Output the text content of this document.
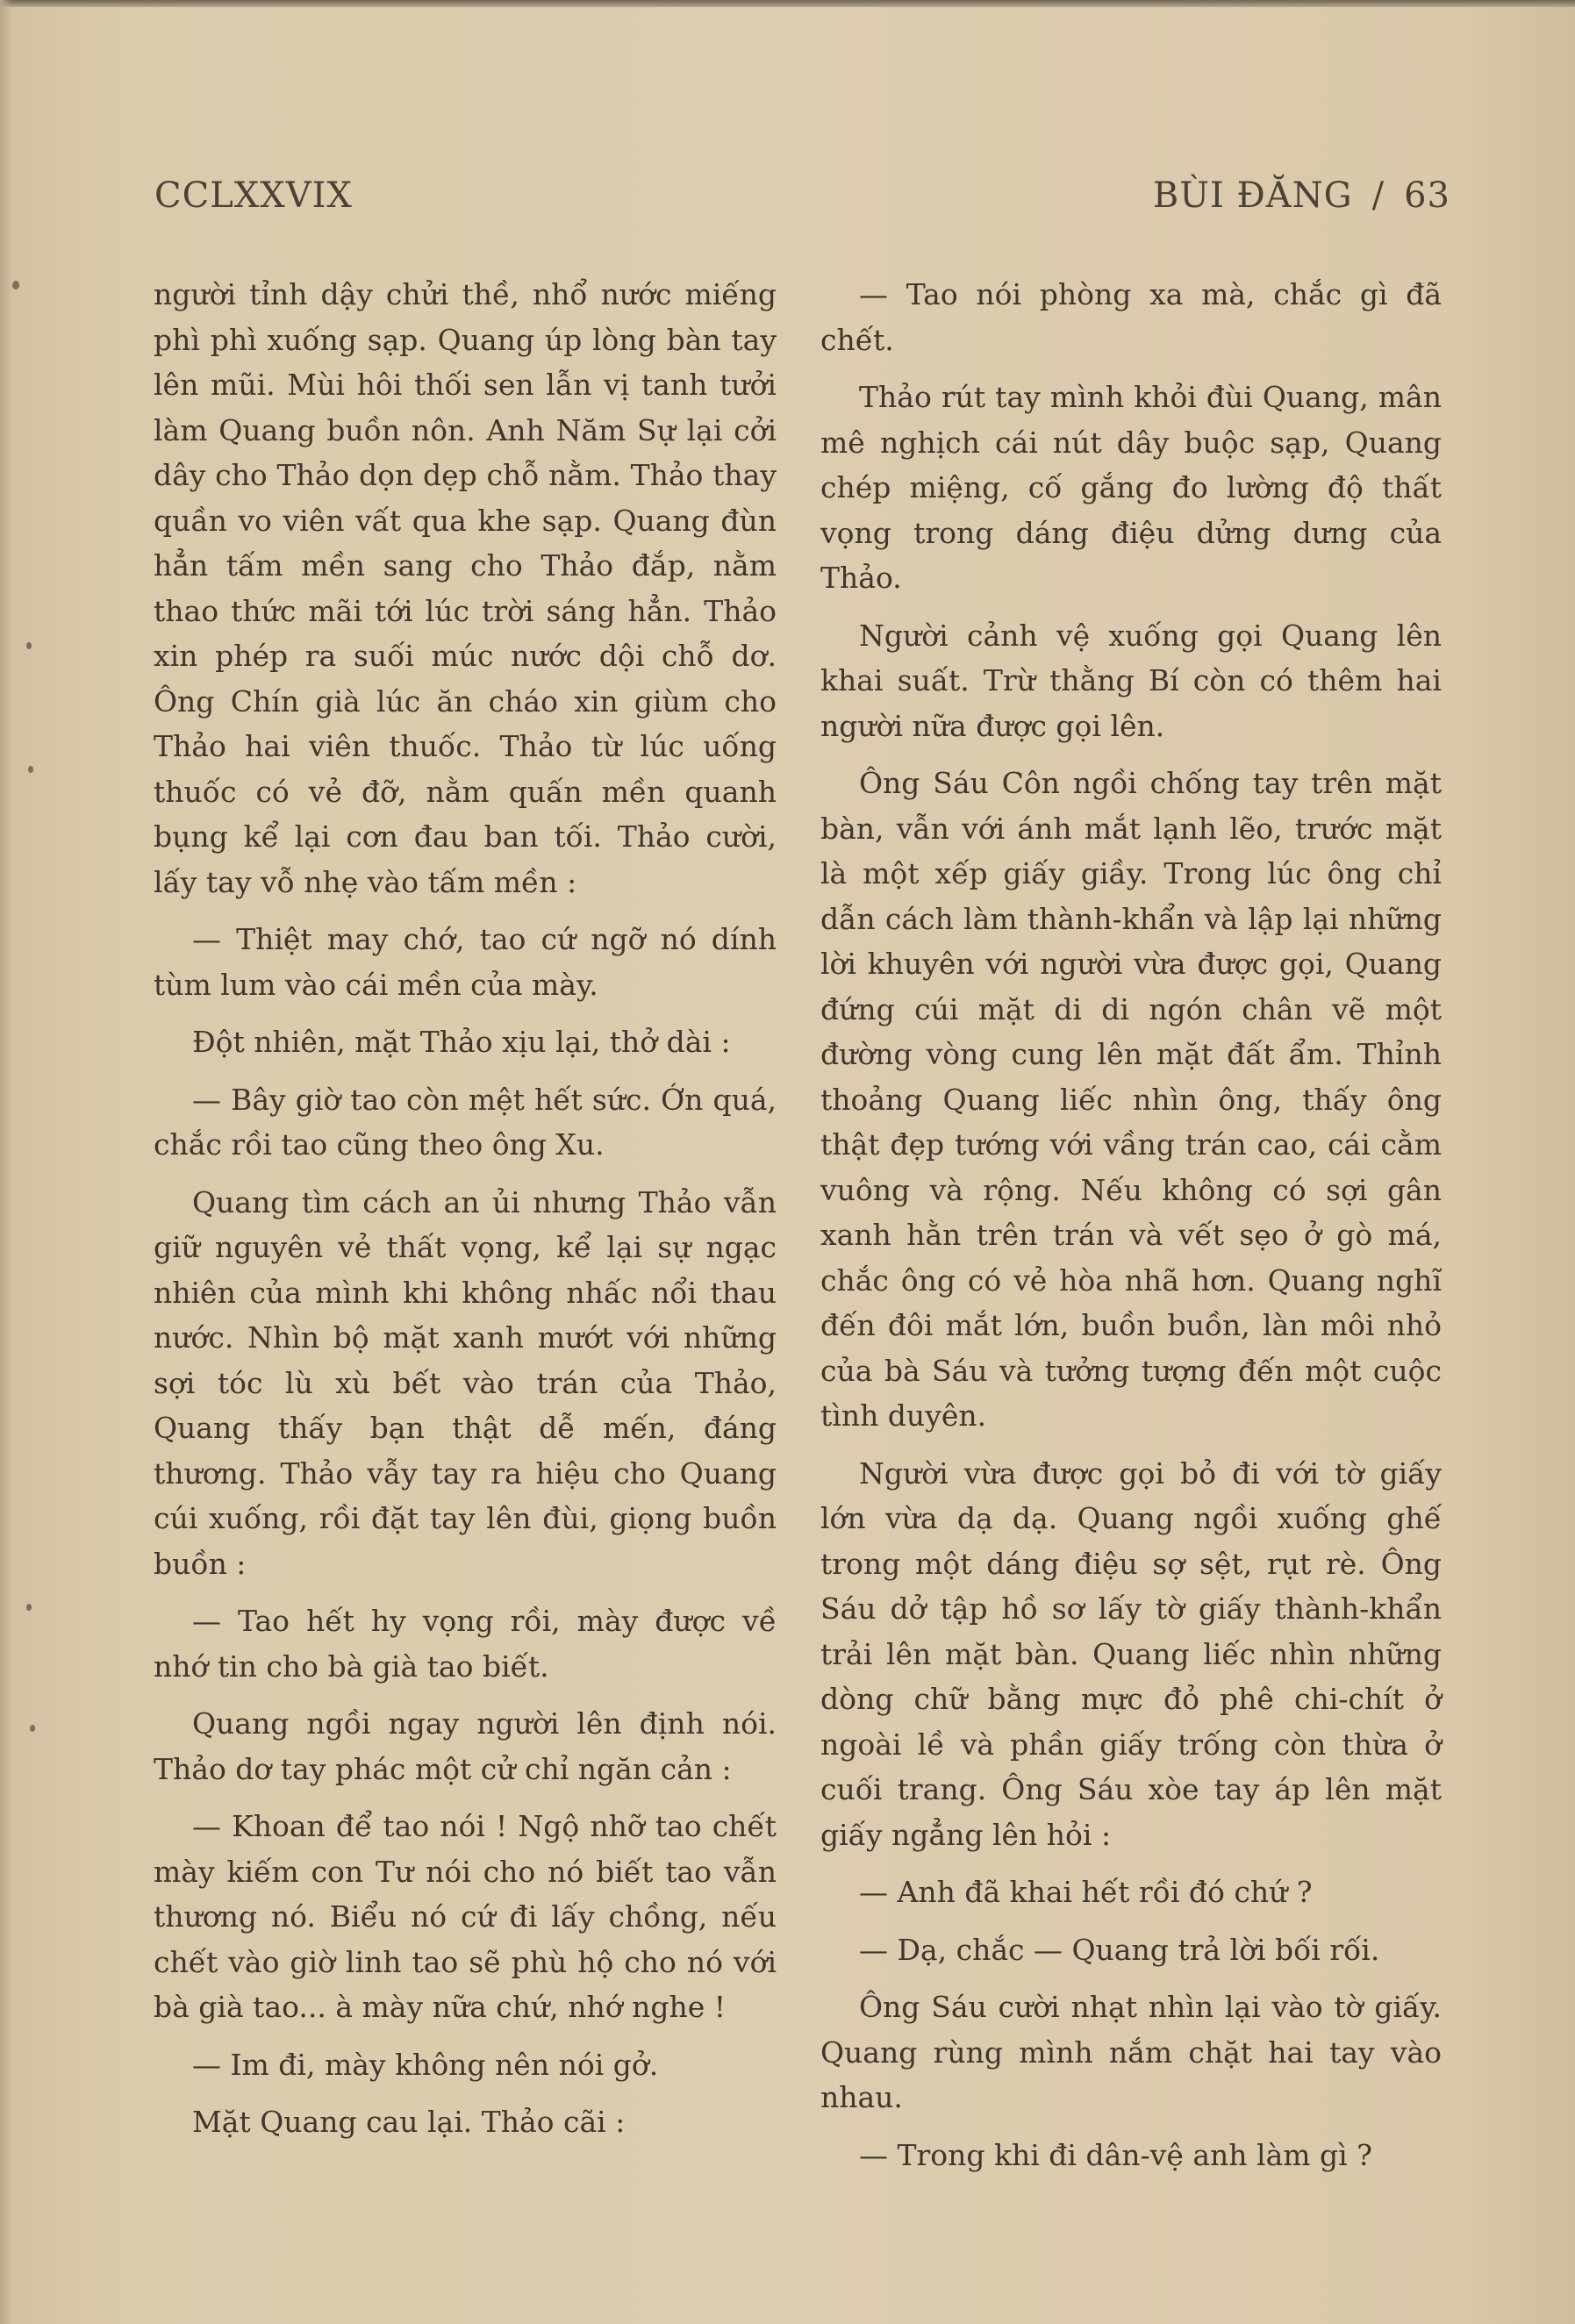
CCLXXVIX	BÙI ĐĂNG / 63

người tỉnh dậy chửi thề, nhổ nước miếng phì phì xuống sạp. Quang úp lòng bàn tay lên mũi. Mùi hôi thối sen lẫn vị tanh tưởi làm Quang buồn nôn. Anh Năm Sự lại cởi dây cho Thảo dọn dẹp chỗ nằm. Thảo thay quần vo viên vất qua khe sạp. Quang đùn hẳn tấm mền sang cho Thảo đắp, nằm thao thức mãi tới lúc trời sáng hẳn. Thảo xin phép ra suối múc nước dội chỗ dơ. Ông Chín già lúc ăn cháo xin giùm cho Thảo hai viên thuốc. Thảo từ lúc uống thuốc có vẻ đỡ, nằm quấn mền quanh bụng kể lại cơn đau ban tối. Thảo cười, lấy tay vỗ nhẹ vào tấm mền :

— Thiệt may chớ, tao cứ ngỡ nó dính tùm lum vào cái mền của mày.

Đột nhiên, mặt Thảo xịu lại, thở dài :

— Bây giờ tao còn mệt hết sức. Ớn quá, chắc rồi tao cũng theo ông Xu.

Quang tìm cách an ủi nhưng Thảo vẫn giữ nguyên vẻ thất vọng, kể lại sự ngạc nhiên của mình khi không nhấc nổi thau nước. Nhìn bộ mặt xanh mướt với những sợi tóc lù xù bết vào trán của Thảo, Quang thấy bạn thật dễ mến, đáng thương. Thảo vẫy tay ra hiệu cho Quang cúi xuống, rồi đặt tay lên đùi, giọng buồn buồn :

— Tao hết hy vọng rồi, mày được về nhớ tin cho bà già tao biết.

Quang ngồi ngay người lên định nói. Thảo dơ tay phác một cử chỉ ngăn cản :

— Khoan để tao nói ! Ngộ nhỡ tao chết mày kiếm con Tư nói cho nó biết tao vẫn thương nó. Biểu nó cứ đi lấy chồng, nếu chết vào giờ linh tao sẽ phù hộ cho nó với bà già tao... à mày nữa chứ, nhớ nghe !

— Im đi, mày không nên nói gở.

Mặt Quang cau lại. Thảo cãi :

— Tao nói phòng xa mà, chắc gì đã chết.

Thảo rút tay mình khỏi đùi Quang, mân mê nghịch cái nút dây buộc sạp, Quang chép miệng, cố gắng đo lường độ thất vọng trong dáng điệu dửng dưng của Thảo.

Người cảnh vệ xuống gọi Quang lên khai suất. Trừ thằng Bí còn có thêm hai người nữa được gọi lên.

Ông Sáu Côn ngồi chống tay trên mặt bàn, vẫn với ánh mắt lạnh lẽo, trước mặt là một xếp giấy giầy. Trong lúc ông chỉ dẫn cách làm thành-khẩn và lập lại những lời khuyên với người vừa được gọi, Quang đứng cúi mặt di di ngón chân vẽ một đường vòng cung lên mặt đất ẩm. Thỉnh thoảng Quang liếc nhìn ông, thấy ông thật đẹp tướng với vầng trán cao, cái cằm vuông và rộng. Nếu không có sợi gân xanh hằn trên trán và vết sẹo ở gò má, chắc ông có vẻ hòa nhã hơn. Quang nghĩ đến đôi mắt lớn, buồn buồn, làn môi nhỏ của bà Sáu và tưởng tượng đến một cuộc tình duyên.

Người vừa được gọi bỏ đi với tờ giấy lớn vừa dạ dạ. Quang ngồi xuống ghế trong một dáng điệu sợ sệt, rụt rè. Ông Sáu dở tập hồ sơ lấy tờ giấy thành-khẩn trải lên mặt bàn. Quang liếc nhìn những dòng chữ bằng mực đỏ phê chi-chít ở ngoài lề và phần giấy trống còn thừa ở cuối trang. Ông Sáu xòe tay áp lên mặt giấy ngẳng lên hỏi :

— Anh đã khai hết rồi đó chứ ?

— Dạ, chắc — Quang trả lời bối rối.

Ông Sáu cười nhạt nhìn lại vào tờ giấy. Quang rùng mình nắm chặt hai tay vào nhau.

— Trong khi đi dân-vệ anh làm gì ?
